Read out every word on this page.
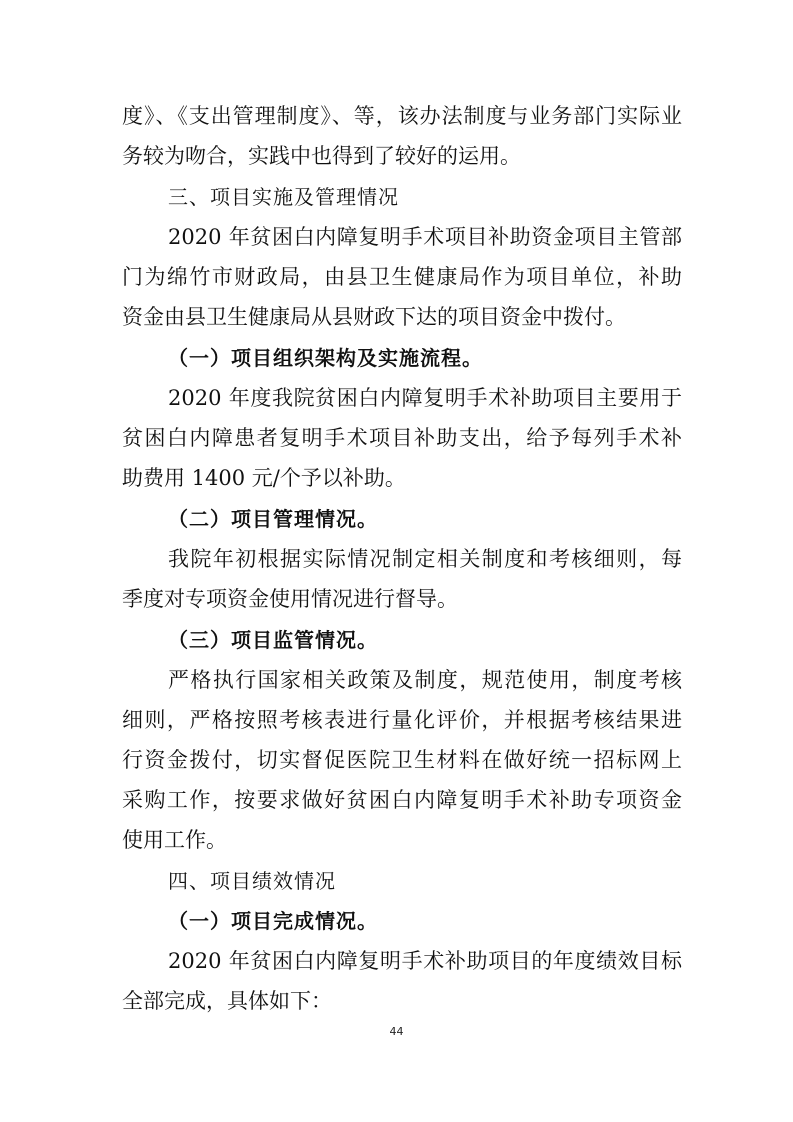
度》、《支出管理制度》、等，该办法制度与业务部门实际业
务较为吻合，实践中也得到了较好的运用。
三、项目实施及管理情况
2020 年贫困白内障复明手术项目补助资金项目主管部
门为绵竹市财政局，由县卫生健康局作为项目单位，补助
资金由县卫生健康局从县财政下达的项目资金中拨付。
（一）项目组织架构及实施流程。
2020 年度我院贫困白内障复明手术补助项目主要用于
贫困白内障患者复明手术项目补助支出，给予每列手术补
助费用 1400 元/个予以补助。
（二）项目管理情况。
我院年初根据实际情况制定相关制度和考核细则，每
季度对专项资金使用情况进行督导。
（三）项目监管情况。
严格执行国家相关政策及制度，规范使用，制度考核
细则，严格按照考核表进行量化评价，并根据考核结果进
行资金拨付，切实督促医院卫生材料在做好统一招标网上
采购工作，按要求做好贫困白内障复明手术补助专项资金
使用工作。
四、项目绩效情况
（一）项目完成情况。
2020 年贫困白内障复明手术补助项目的年度绩效目标
全部完成，具体如下：
44
